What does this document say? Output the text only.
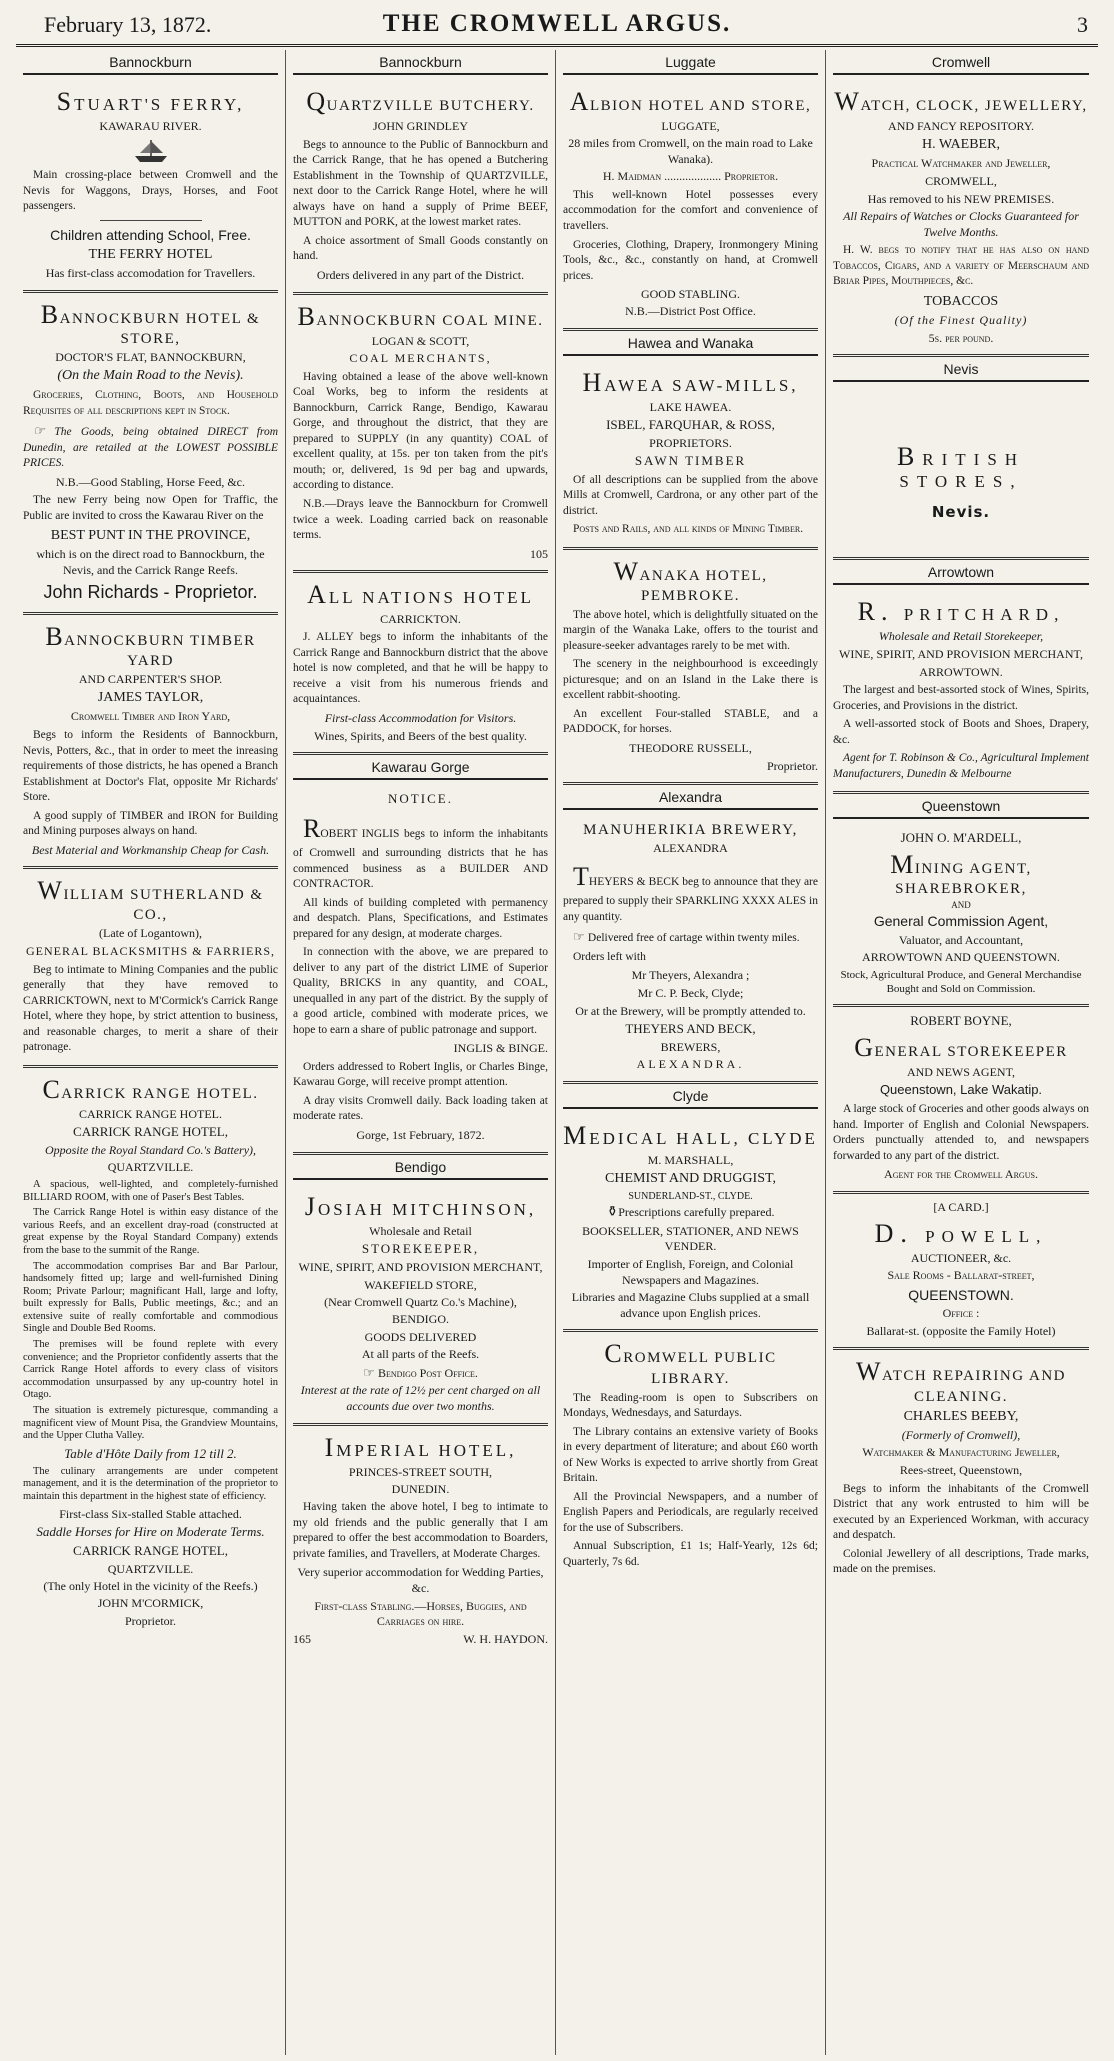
February 13, 1872.	THE CROMWELL ARGUS.	3
Bannockburn
STUART'S FERRY,
KAWARAU RIVER.
Main crossing-place between Cromwell and the Nevis for Waggons, Drays, Horses, and Foot passengers.
Children attending School, Free.
THE FERRY HOTEL
Has first-class accomodation for Travellers.
BANNOCKBURN HOTEL & STORE,
DOCTOR'S FLAT, BANNOCKBURN,
(On the Main Road to the Nevis).
Groceries, Clothing, Boots, and Household Requisites of all descriptions kept in Stock.
☞ The Goods, being obtained DIRECT from Dunedin, are retailed at the LOWEST POSSIBLE PRICES.
N.B.—Good Stabling, Horse Feed, &c.
The new Ferry being now Open for Traffic, the Public are invited to cross the Kawarau River on the
BEST PUNT IN THE PROVINCE,
which is on the direct road to Bannockburn, the Nevis, and the Carrick Range Reefs.
John Richards - Proprietor.
BANNOCKBURN TIMBER YARD
AND CARPENTER'S SHOP.
JAMES TAYLOR,
Cromwell Timber and Iron Yard,
Begs to inform the Residents of Bannockburn, Nevis, Potters, &c., that in order to meet the inreasing requirements of those districts, he has opened a Branch Establishment at Doctor's Flat, opposite Mr Richards' Store.
A good supply of TIMBER and IRON for Building and Mining purposes always on hand.
Best Material and Workmanship Cheap for Cash.
WILLIAM SUTHERLAND & CO.,
(Late of Logantown),
GENERAL BLACKSMITHS & FARRIERS,
Beg to intimate to Mining Companies and the public generally that they have removed to CARRICKTOWN, next to M'Cormick's Carrick Range Hotel, where they hope, by strict attention to business, and reasonable charges, to merit a share of their patronage.
CARRICK RANGE HOTEL.
CARRICK RANGE HOTEL.
CARRICK RANGE HOTEL,
Opposite the Royal Standard Co.'s Battery),
QUARTZVILLE.
A spacious, well-lighted, and completely-furnished BILLIARD ROOM, with one of Paser's Best Tables.
The Carrick Range Hotel is within easy distance of the various Reefs, and an excellent dray-road (constructed at great expense by the Royal Standard Company) extends from the base to the summit of the Range.
The accommodation comprises Bar and Bar Parlour, handsomely fitted up; large and well-furnished Dining Room; Private Parlour; magnificant Hall, large and lofty, built expressly for Balls, Public meetings, &c.; and an extensive suite of really comfortable and commodious Single and Double Bed Rooms.
The premises will be found replete with every convenience; and the Proprietor confidently asserts that the Carrick Range Hotel affords to every class of visitors accommodation unsurpassed by any up-country hotel in Otago.
The situation is extremely picturesque, commanding a magnificent view of Mount Pisa, the Grandview Mountains, and the Upper Clutha Valley.
Table d'Hôte Daily from 12 till 2.
The culinary arrangements are under competent management, and it is the determination of the proprietor to maintain this department in the highest state of efficiency.
First-class Six-stalled Stable attached.
Saddle Horses for Hire on Moderate Terms.
CARRICK RANGE HOTEL,
QUARTZVILLE.
(The only Hotel in the vicinity of the Reefs.)
JOHN M'CORMICK,
Proprietor.
Bannockburn
QUARTZVILLE BUTCHERY.
JOHN GRINDLEY
Begs to announce to the Public of Bannockburn and the Carrick Range, that he has opened a Butchering Establishment in the Township of QUARTZVILLE, next door to the Carrick Range Hotel, where he will always have on hand a supply of Prime BEEF, MUTTON and PORK, at the lowest market rates.
A choice assortment of Small Goods constantly on hand.
Orders delivered in any part of the District.
BANNOCKBURN COAL MINE.
LOGAN & SCOTT,
COAL MERCHANTS,
Having obtained a lease of the above well-known Coal Works, beg to inform the residents at Bannockburn, Carrick Range, Bendigo, Kawarau Gorge, and throughout the district, that they are prepared to SUPPLY (in any quantity) COAL of excellent quality, at 15s. per ton taken from the pit's mouth; or, delivered, 1s 9d per bag and upwards, according to distance.
N.B.—Drays leave the Bannockburn for Cromwell twice a week. Loading carried back on reasonable terms.
105
ALL NATIONS HOTEL
CARRICKTON.
J. ALLEY begs to inform the inhabitants of the Carrick Range and Bannockburn district that the above hotel is now completed, and that he will be happy to receive a visit from his numerous friends and acquaintances.
First-class Accommodation for Visitors.
Wines, Spirits, and Beers of the best quality.
Kawarau Gorge
NOTICE.
ROBERT INGLIS begs to inform the inhabitants of Cromwell and surrounding districts that he has commenced business as a BUILDER AND CONTRACTOR.
All kinds of building completed with permanency and despatch. Plans, Specifications, and Estimates prepared for any design, at moderate charges.
In connection with the above, we are prepared to deliver to any part of the district LIME of Superior Quality, BRICKS in any quantity, and COAL, unequalled in any part of the district. By the supply of a good article, combined with moderate prices, we hope to earn a share of public patronage and support.
INGLIS & BINGE.
Orders addressed to Robert Inglis, or Charles Binge, Kawarau Gorge, will receive prompt attention.
A dray visits Cromwell daily. Back loading taken at moderate rates.
Gorge, 1st February, 1872.
Bendigo
JOSIAH MITCHINSON,
Wholesale and Retail
STOREKEEPER,
WINE, SPIRIT, AND PROVISION MERCHANT,
WAKEFIELD STORE,
(Near Cromwell Quartz Co.'s Machine),
BENDIGO.
GOODS DELIVERED
At all parts of the Reefs.
☞ Bendigo Post Office.
Interest at the rate of 12½ per cent charged on all accounts due over two months.
IMPERIAL HOTEL,
PRINCES-STREET SOUTH,
DUNEDIN.
Having taken the above hotel, I beg to intimate to my old friends and the public generally that I am prepared to offer the best accommodation to Boarders, private families, and Travellers, at Moderate Charges.
Very superior accommodation for Wedding Parties, &c.
First-class Stabling.—Horses, Buggies, and Carriages on hire.
165	W. H. HAYDON.
Luggate
ALBION HOTEL AND STORE,
LUGGATE,
28 miles from Cromwell, on the main road to Lake Wanaka).
H. Maidman ................... Proprietor.
This well-known Hotel possesses every accommodation for the comfort and convenience of travellers.
Groceries, Clothing, Drapery, Ironmongery Mining Tools, &c., &c., constantly on hand, at Cromwell prices.
GOOD STABLING.
N.B.—District Post Office.
Hawea and Wanaka
HAWEA SAW-MILLS,
LAKE HAWEA.
ISBEL, FARQUHAR, & ROSS,
PROPRIETORS.
SAWN TIMBER
Of all descriptions can be supplied from the above Mills at Cromwell, Cardrona, or any other part of the district.
Posts and Rails, and all kinds of Mining Timber.
WANAKA HOTEL, PEMBROKE.
The above hotel, which is delightfully situated on the margin of the Wanaka Lake, offers to the tourist and pleasure-seeker advantages rarely to be met with.
The scenery in the neighbourhood is exceedingly picturesque; and on an Island in the Lake there is excellent rabbit-shooting.
An excellent Four-stalled STABLE, and a PADDOCK, for horses.
THEODORE RUSSELL,
Proprietor.
Alexandra
MANUHERIKIA BREWERY,
ALEXANDRA
THEYERS & BECK beg to announce that they are prepared to supply their SPARKLING XXXX ALES in any quantity.
☞ Delivered free of cartage within twenty miles.
Orders left with
Mr Theyers, Alexandra ;
Mr C. P. Beck, Clyde;
Or at the Brewery, will be promptly attended to.
THEYERS AND BECK,
BREWERS,
ALEXANDRA.
Clyde
MEDICAL HALL, CLYDE
M. MARSHALL,
CHEMIST AND DRUGGIST,
SUNDERLAND-ST., CLYDE.
⚱Prescriptions carefully prepared.
BOOKSELLER, STATIONER, AND NEWS VENDER.
Importer of English, Foreign, and Colonial Newspapers and Magazines.
Libraries and Magazine Clubs supplied at a small advance upon English prices.
CROMWELL PUBLIC LIBRARY.
The Reading-room is open to Subscribers on Mondays, Wednesdays, and Saturdays.
The Library contains an extensive variety of Books in every department of literature; and about £60 worth of New Works is expected to arrive shortly from Great Britain.
All the Provincial Newspapers, and a number of English Papers and Periodicals, are regularly received for the use of Subscribers.
Annual Subscription, £1 1s; Half-Yearly, 12s 6d; Quarterly, 7s 6d.
Cromwell
WATCH, CLOCK, JEWELLERY,
AND FANCY REPOSITORY.
H. WAEBER,
Practical Watchmaker and Jeweller,
CROMWELL,
Has removed to his NEW PREMISES.
All Repairs of Watches or Clocks Guaranteed for Twelve Months.
H. W. begs to notify that he has also on hand Tobaccos, Cigars, and a variety of Meerschaum and Briar Pipes, Mouthpieces, &c.
TOBACCOS
(Of the Finest Quality)
5s. per pound.
Nevis
BRITISH STORES,
Nevis.
Arrowtown
R. PRITCHARD,
Wholesale and Retail Storekeeper,
WINE, SPIRIT, AND PROVISION MERCHANT,
ARROWTOWN.
The largest and best-assorted stock of Wines, Spirits, Groceries, and Provisions in the district.
A well-assorted stock of Boots and Shoes, Drapery, &c.
Agent for T. Robinson & Co., Agricultural Implement Manufacturers, Dunedin & Melbourne
Queenstown
JOHN O. M'ARDELL,
MINING AGENT, SHAREBROKER,
AND
General Commission Agent,
Valuator, and Accountant,
ARROWTOWN AND QUEENSTOWN.
Stock, Agricultural Produce, and General Merchandise Bought and Sold on Commission.
ROBERT BOYNE,
GENERAL STOREKEEPER
AND NEWS AGENT,
Queenstown, Lake Wakatip.
A large stock of Groceries and other goods always on hand. Importer of English and Colonial Newspapers. Orders punctually attended to, and newspapers forwarded to any part of the district.
Agent for the Cromwell Argus.
[A CARD.]
D. POWELL,
AUCTIONEER, &c.
Sale Rooms - Ballarat-street,
QUEENSTOWN.
Office :
Ballarat-st. (opposite the Family Hotel)
WATCH REPAIRING AND CLEANING.
CHARLES BEEBY,
(Formerly of Cromwell),
Watchmaker & Manufacturing Jeweller,
Rees-street, Queenstown,
Begs to inform the inhabitants of the Cromwell District that any work entrusted to him will be executed by an Experienced Workman, with accuracy and despatch.
Colonial Jewellery of all descriptions, Trade marks, made on the premises.
